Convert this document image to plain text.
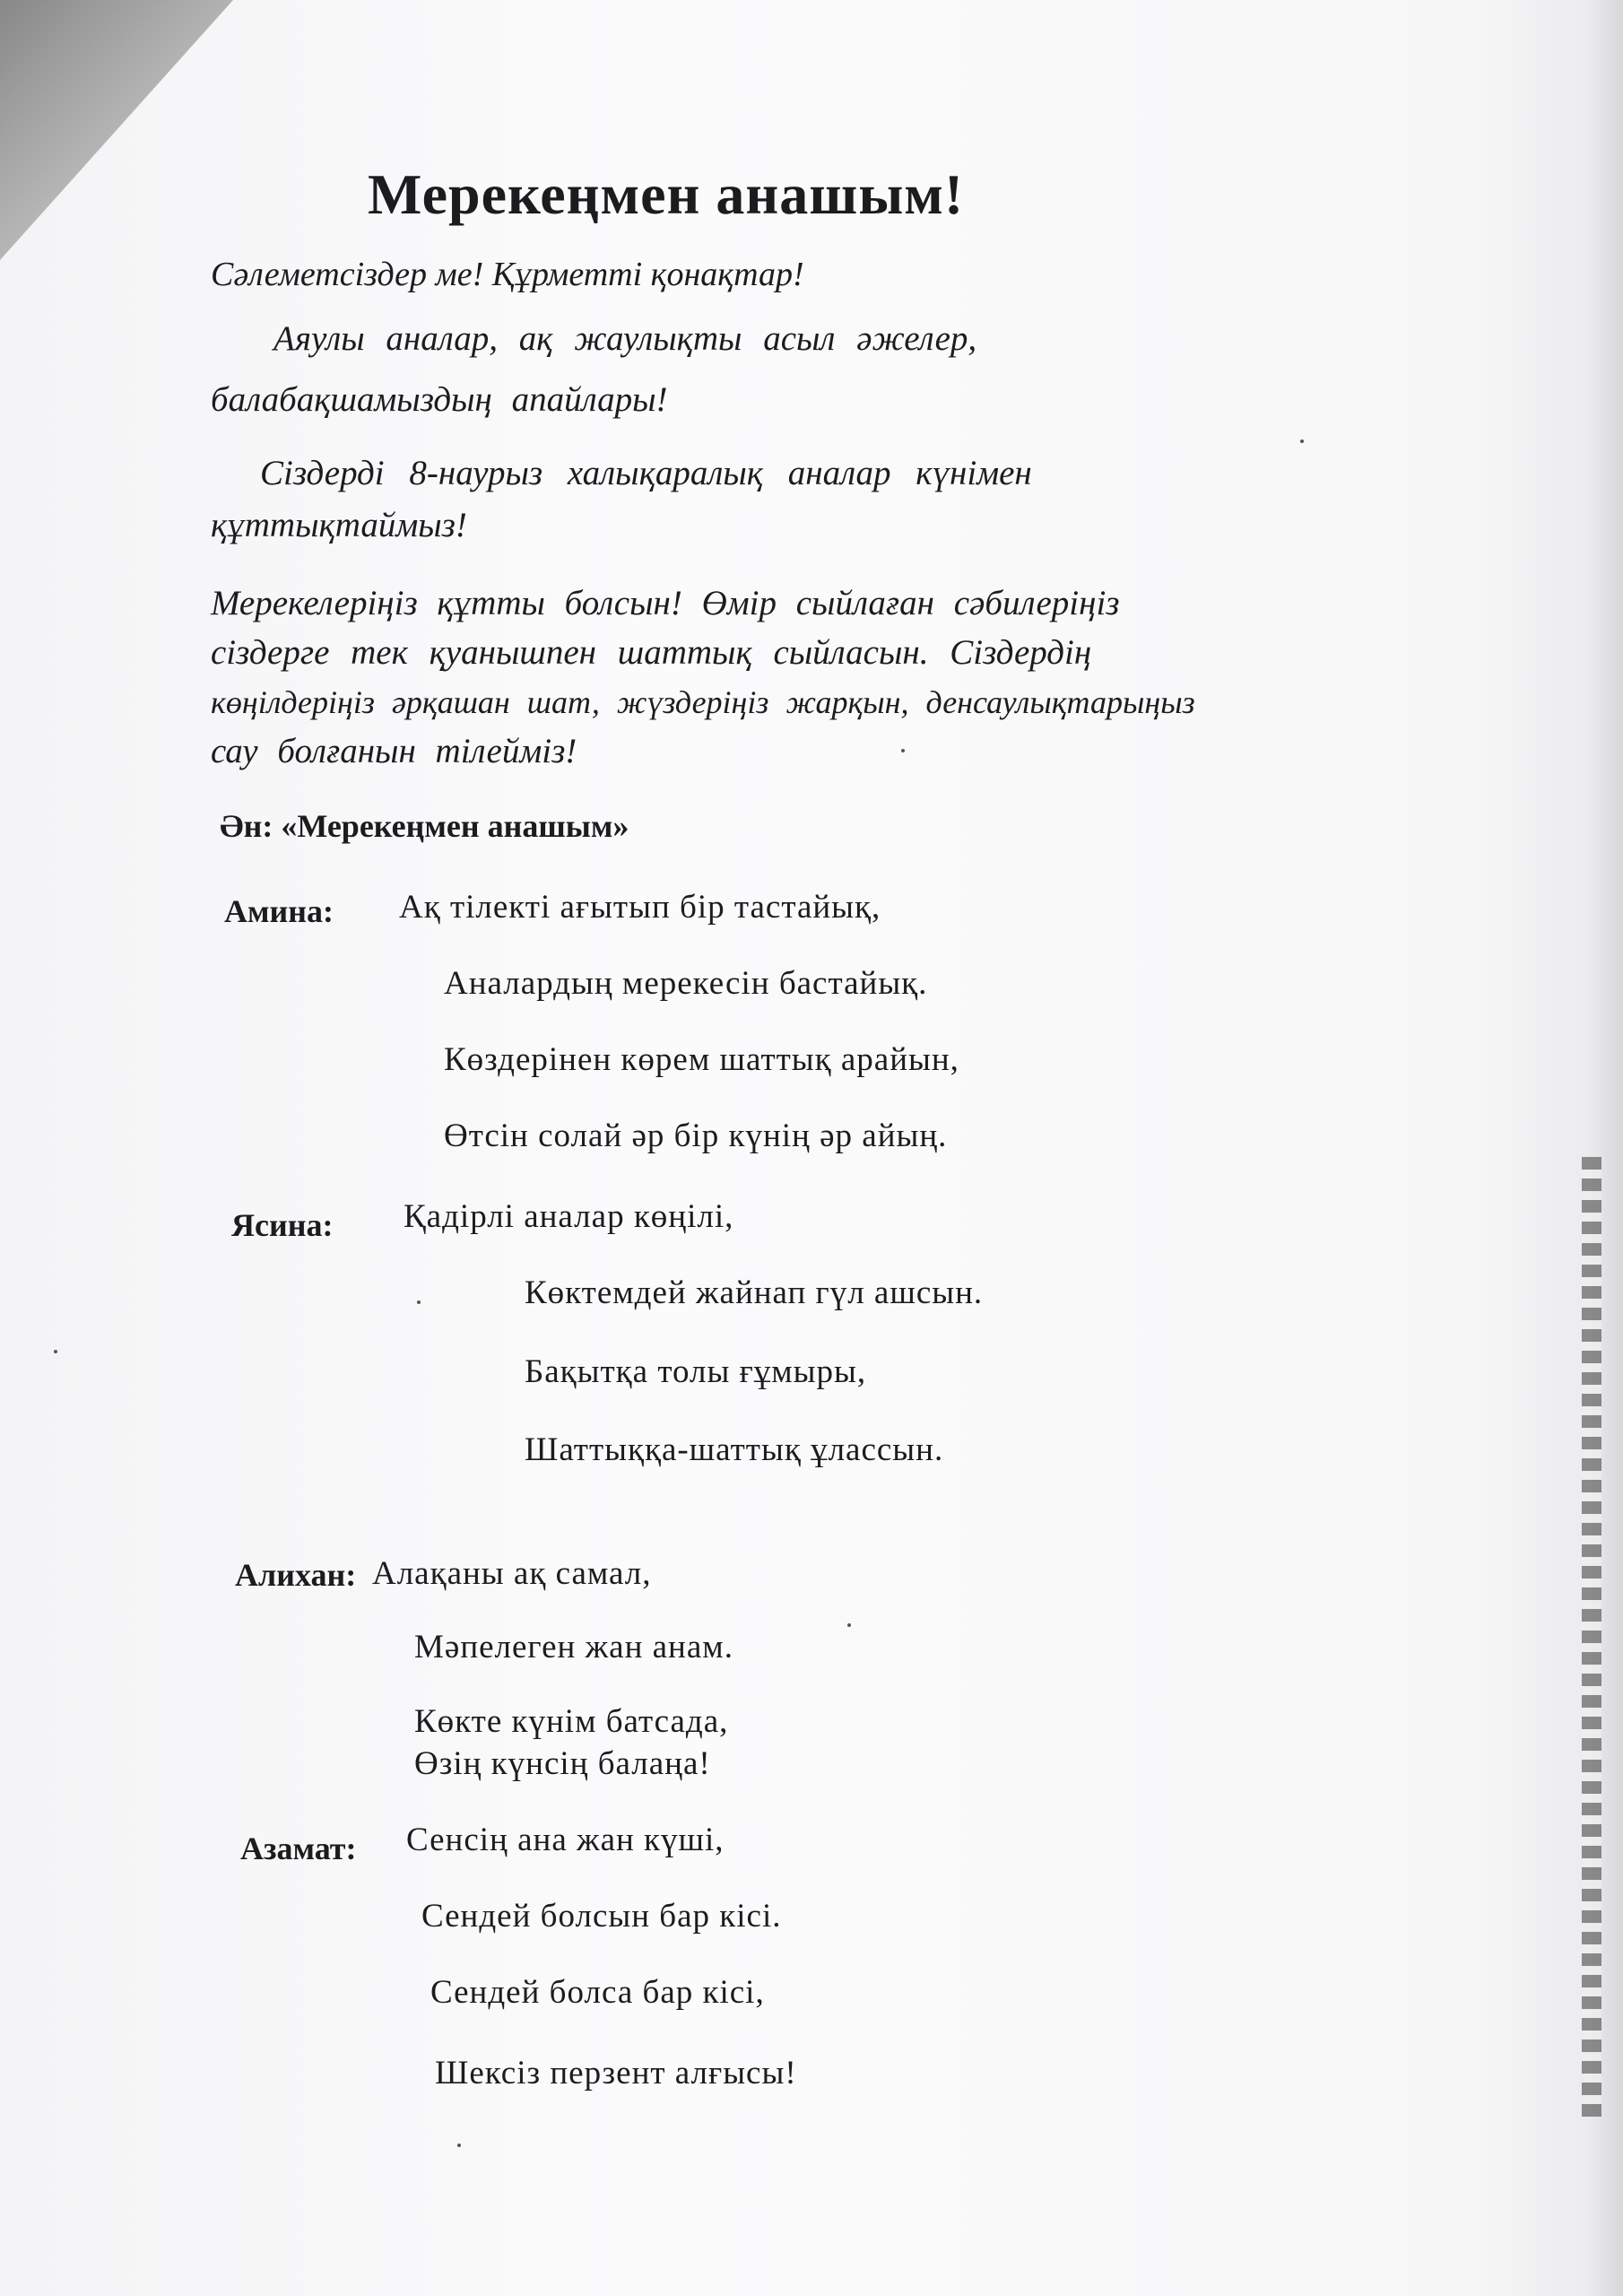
Мерекеңмен анашым!
Сәлеметсіздер ме! Құрметті қонақтар!
Аяулы аналар, ақ жаулықты асыл әжелер,
балабақшамыздың апайлары!
Сіздерді 8-наурыз халықаралық аналар күнімен
құттықтаймыз!
Мерекелеріңіз құтты болсын! Өмір сыйлаған сәбилеріңіз
сіздерге тек қуанышпен шаттық сыйласын. Сіздердің
көңілдеріңіз әрқашан шат, жүздеріңіз жарқын, денсаулықтарыңыз
сау болғанын тілейміз!
Ән: «Мерекеңмен анашым»
Амина: Ақ тілекті ағытып бір тастайық,
Аналардың мерекесін бастайық.
Көздерінен көрем шаттық арайын,
Өтсін солай әр бір күнің әр айың.
Ясина: Қадірлі аналар көңілі,
Көктемдей жайнап гүл ашсын.
Бақытқа толы ғұмыры,
Шаттыққа-шаттық ұлассын.
Алихан: Алақаны ақ самал,
Мәпелеген жан анам.
Көкте күнім батсада,
Өзің күнсің балаңа!
Азамат: Сенсің ана жан күші,
Сендей болсын бар кісі.
Сендей болса бар кісі,
Шексіз перзент алғысы!
